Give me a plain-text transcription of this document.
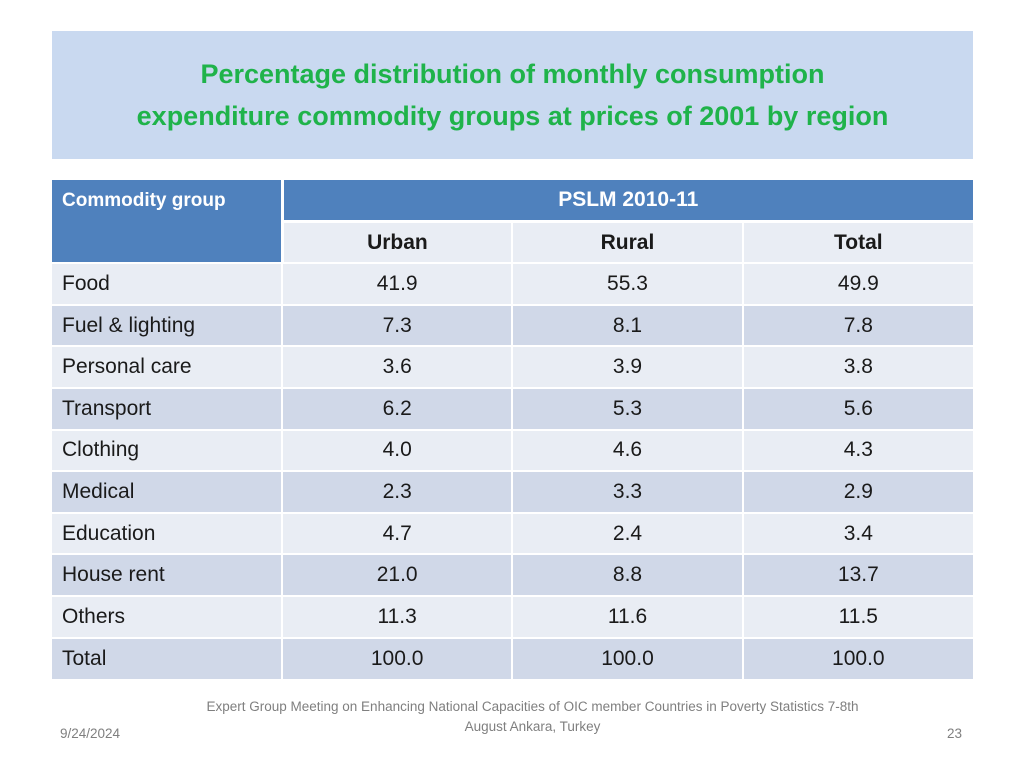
Percentage distribution of monthly consumption
expenditure commodity groups at prices of 2001 by region

Commodity group	PSLM 2010-11		
	Urban	Rural	Total
Food	41.9	55.3	49.9
Fuel & lighting	7.3	8.1	7.8
Personal care	3.6	3.9	3.8
Transport	6.2	5.3	5.6
Clothing	4.0	4.6	4.3
Medical	2.3	3.3	2.9
Education	4.7	2.4	3.4
House rent	21.0	8.8	13.7
Others	11.3	11.6	11.5
Total	100.0	100.0	100.0
Expert Group Meeting on Enhancing National Capacities of OIC member Countries in Poverty Statistics 7-8th
August Ankara, Turkey
9/24/2024	23
